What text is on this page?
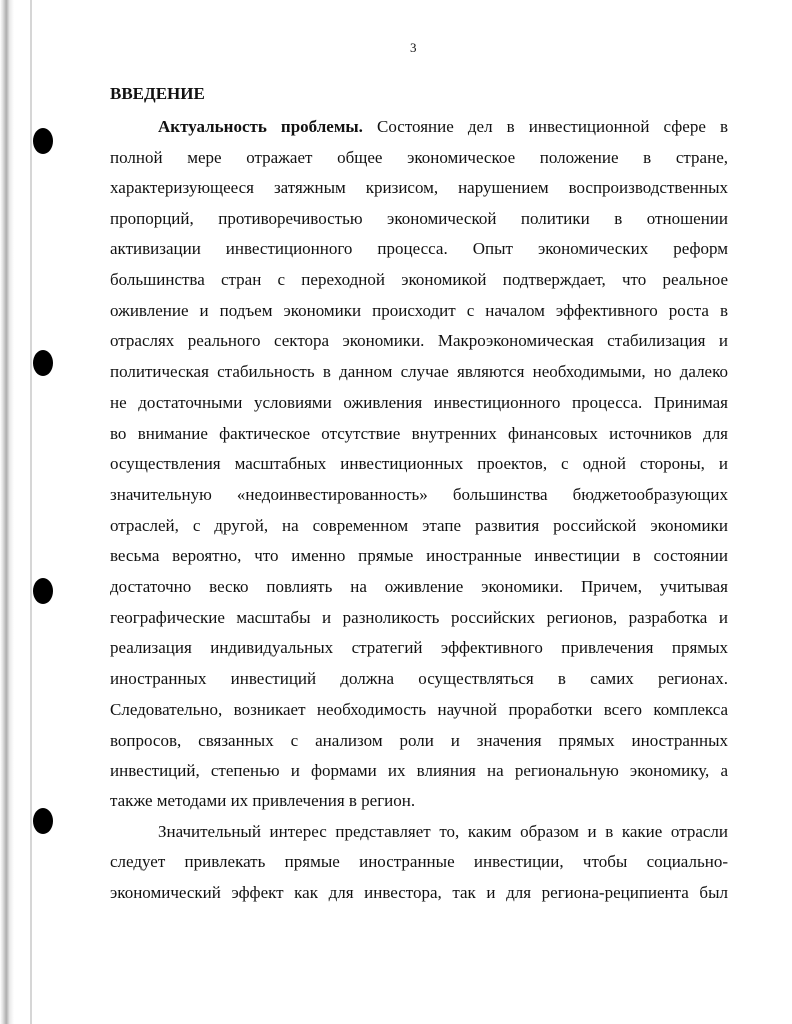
3
ВВЕДЕНИЕ
Актуальность проблемы. Состояние дел в инвестиционной сфере в
полной мере отражает общее экономическое положение в стране,
характеризующееся затяжным кризисом, нарушением воспроизводственных
пропорций, противоречивостью экономической политики в отношении
активизации инвестиционного процесса. Опыт экономических реформ
большинства стран с переходной экономикой подтверждает, что реальное
оживление и подъем экономики происходит с началом эффективного роста в
отраслях реального сектора экономики. Макроэкономическая стабилизация и
политическая стабильность в данном случае являются необходимыми, но далеко
не достаточными условиями оживления инвестиционного процесса. Принимая
во внимание фактическое отсутствие внутренних финансовых источников для
осуществления масштабных инвестиционных проектов, с одной стороны, и
значительную «недоинвестированность» большинства бюджетообразующих
отраслей, с другой, на современном этапе развития российской экономики
весьма вероятно, что именно прямые иностранные инвестиции в состоянии
достаточно веско повлиять на оживление экономики. Причем, учитывая
географические масштабы и разноликость российских регионов, разработка и
реализация индивидуальных стратегий эффективного привлечения прямых
иностранных инвестиций должна осуществляться в самих регионах.
Следовательно, возникает необходимость научной проработки всего комплекса
вопросов, связанных с анализом роли и значения прямых иностранных
инвестиций, степенью и формами их влияния на региональную экономику, а
также методами их привлечения в регион.
Значительный интерес представляет то, каким образом и в какие отрасли
следует привлекать прямые иностранные инвестиции, чтобы социально-
экономический эффект как для инвестора, так и для региона-реципиента был
